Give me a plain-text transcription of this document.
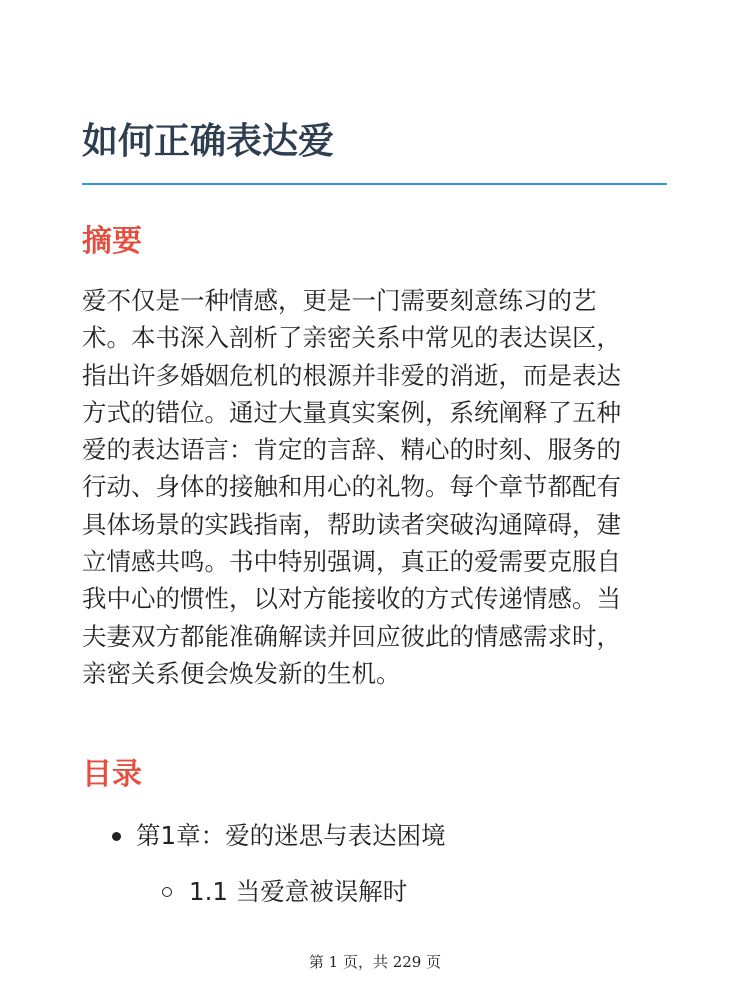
如何正确表达爱
摘要

爱不仅是一种情感，更是一门需要刻意练习的艺
术。本书深入剖析了亲密关系中常见的表达误区，
指出许多婚姻危机的根源并非爱的消逝，而是表达
方式的错位。通过大量真实案例，系统阐释了五种
爱的表达语言：肯定的言辞、精心的时刻、服务的
行动、身体的接触和用心的礼物。每个章节都配有
具体场景的实践指南，帮助读者突破沟通障碍，建
立情感共鸣。书中特别强调，真正的爱需要克服自
我中心的惯性，以对方能接收的方式传递情感。当
夫妻双方都能准确解读并回应彼此的情感需求时，
亲密关系便会焕发新的生机。

目录
第1章：爱的迷思与表达困境
1.1 当爱意被误解时
第 1 页，共 229 页
